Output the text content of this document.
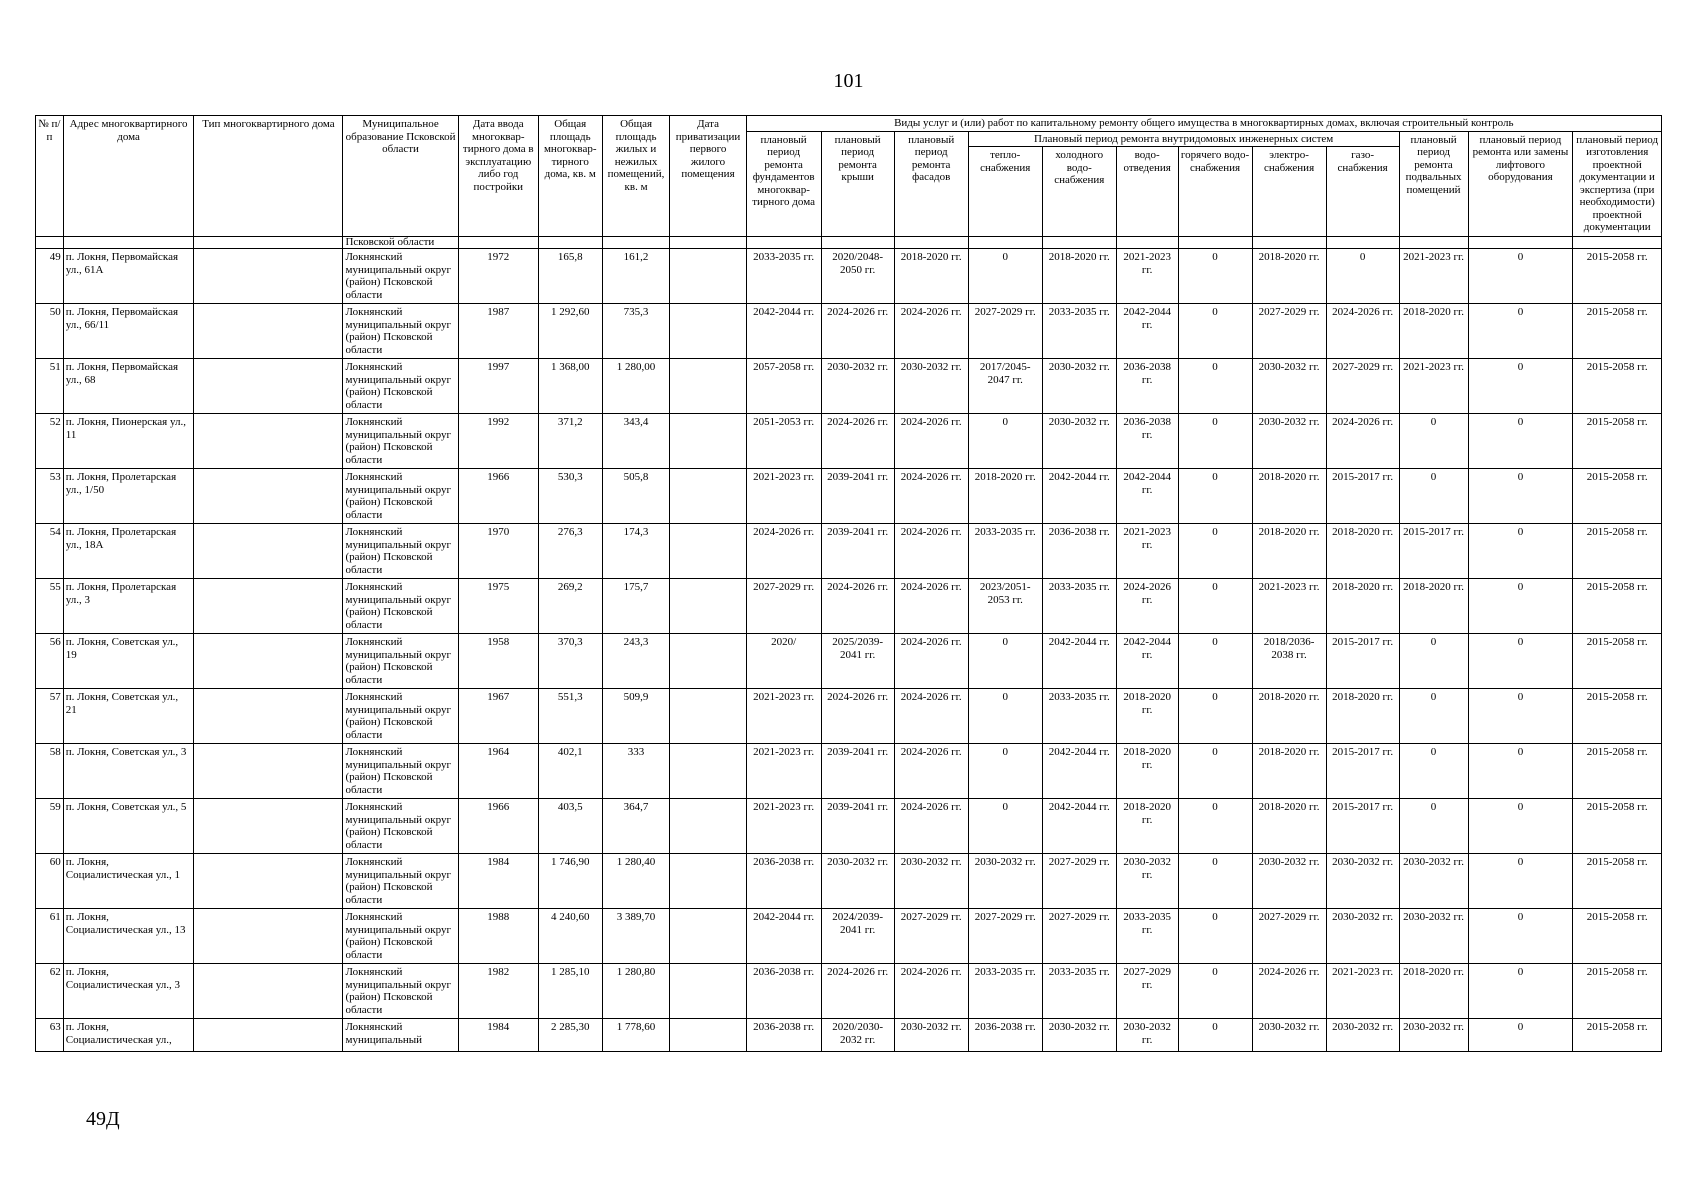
101
№ п/п	Адрес многоквартирного дома	Тип многоквартирного дома	Муниципальное образование Псковской области	Дата ввода многоквар-тирного дома в эксплуатацию либо год постройки	Общая площадь многоквар-тирного дома, кв. м	Общая площадь жилых и нежилых помещений, кв. м	Дата приватизации первого жилого помещения	Виды услуг и (или) работ по капитальному ремонту общего имущества в многоквартирных домах, включая строительный контроль											
								плановый период ремонта фундаментов многоквар-тирного дома	плановый период ремонта крыши	плановый период ремонта фасадов	Плановый период ремонта внутридомовых инженерных систем						плановый период ремонта подвальных помещений	плановый период ремонта или замены лифтового оборудования	плановый период изготовления проектной документации и экспертиза (при необходимости) проектной документации
											тепло-снабжения	холодного водо-снабжения	водо-отведения	горячего водо-снабжения	электро-снабжения	газо-снабжения			
			Псковской области																
49	п. Локня, Первомайская ул., 61А		Локнянский муниципальный округ (район) Псковской области	1972	165,8	161,2		2033-2035 гг.	2020/2048-2050 гг.	2018-2020 гг.	0	2018-2020 гг.	2021-2023 гг.	0	2018-2020 гг.	0	2021-2023 гг.	0	2015-2058 гг.
50	п. Локня, Первомайская ул., 66/11		Локнянский муниципальный округ (район) Псковской области	1987	1 292,60	735,3		2042-2044 гг.	2024-2026 гг.	2024-2026 гг.	2027-2029 гг.	2033-2035 гг.	2042-2044 гг.	0	2027-2029 гг.	2024-2026 гг.	2018-2020 гг.	0	2015-2058 гг.
51	п. Локня, Первомайская ул., 68		Локнянский муниципальный округ (район) Псковской области	1997	1 368,00	1 280,00		2057-2058 гг.	2030-2032 гг.	2030-2032 гг.	2017/2045-2047 гг.	2030-2032 гг.	2036-2038 гг.	0	2030-2032 гг.	2027-2029 гг.	2021-2023 гг.	0	2015-2058 гг.
52	п. Локня, Пионерская ул., 11		Локнянский муниципальный округ (район) Псковской области	1992	371,2	343,4		2051-2053 гг.	2024-2026 гг.	2024-2026 гг.	0	2030-2032 гг.	2036-2038 гг.	0	2030-2032 гг.	2024-2026 гг.	0	0	2015-2058 гг.
53	п. Локня, Пролетарская ул., 1/50		Локнянский муниципальный округ (район) Псковской области	1966	530,3	505,8		2021-2023 гг.	2039-2041 гг.	2024-2026 гг.	2018-2020 гг.	2042-2044 гг.	2042-2044 гг.	0	2018-2020 гг.	2015-2017 гг.	0	0	2015-2058 гг.
54	п. Локня, Пролетарская ул., 18А		Локнянский муниципальный округ (район) Псковской области	1970	276,3	174,3		2024-2026 гг.	2039-2041 гг.	2024-2026 гг.	2033-2035 гг.	2036-2038 гг.	2021-2023 гг.	0	2018-2020 гг.	2018-2020 гг.	2015-2017 гг.	0	2015-2058 гг.
55	п. Локня, Пролетарская ул., 3		Локнянский муниципальный округ (район) Псковской области	1975	269,2	175,7		2027-2029 гг.	2024-2026 гг.	2024-2026 гг.	2023/2051-2053 гг.	2033-2035 гг.	2024-2026 гг.	0	2021-2023 гг.	2018-2020 гг.	2018-2020 гг.	0	2015-2058 гг.
56	п. Локня, Советская ул., 19		Локнянский муниципальный округ (район) Псковской области	1958	370,3	243,3		2020/	2025/2039-2041 гг.	2024-2026 гг.	0	2042-2044 гг.	2042-2044 гг.	0	2018/2036-2038 гг.	2015-2017 гг.	0	0	2015-2058 гг.
57	п. Локня, Советская ул., 21		Локнянский муниципальный округ (район) Псковской области	1967	551,3	509,9		2021-2023 гг.	2024-2026 гг.	2024-2026 гг.	0	2033-2035 гг.	2018-2020 гг.	0	2018-2020 гг.	2018-2020 гг.	0	0	2015-2058 гг.
58	п. Локня, Советская ул., 3		Локнянский муниципальный округ (район) Псковской области	1964	402,1	333		2021-2023 гг.	2039-2041 гг.	2024-2026 гг.	0	2042-2044 гг.	2018-2020 гг.	0	2018-2020 гг.	2015-2017 гг.	0	0	2015-2058 гг.
59	п. Локня, Советская ул., 5		Локнянский муниципальный округ (район) Псковской области	1966	403,5	364,7		2021-2023 гг.	2039-2041 гг.	2024-2026 гг.	0	2042-2044 гг.	2018-2020 гг.	0	2018-2020 гг.	2015-2017 гг.	0	0	2015-2058 гг.
60	п. Локня, Социалистическая ул., 1		Локнянский муниципальный округ (район) Псковской области	1984	1 746,90	1 280,40		2036-2038 гг.	2030-2032 гг.	2030-2032 гг.	2030-2032 гг.	2027-2029 гг.	2030-2032 гг.	0	2030-2032 гг.	2030-2032 гг.	2030-2032 гг.	0	2015-2058 гг.
61	п. Локня, Социалистическая ул., 13		Локнянский муниципальный округ (район) Псковской области	1988	4 240,60	3 389,70		2042-2044 гг.	2024/2039-2041 гг.	2027-2029 гг.	2027-2029 гг.	2027-2029 гг.	2033-2035 гг.	0	2027-2029 гг.	2030-2032 гг.	2030-2032 гг.	0	2015-2058 гг.
62	п. Локня, Социалистическая ул., 3		Локнянский муниципальный округ (район) Псковской области	1982	1 285,10	1 280,80		2036-2038 гг.	2024-2026 гг.	2024-2026 гг.	2033-2035 гг.	2033-2035 гг.	2027-2029 гг.	0	2024-2026 гг.	2021-2023 гг.	2018-2020 гг.	0	2015-2058 гг.
63	п. Локня, Социалистическая ул.,		Локнянский муниципальный	1984	2 285,30	1 778,60		2036-2038 гг.	2020/2030-2032 гг.	2030-2032 гг.	2036-2038 гг.	2030-2032 гг.	2030-2032 гг.	0	2030-2032 гг.	2030-2032 гг.	2030-2032 гг.	0	2015-2058 гг.
49Д
